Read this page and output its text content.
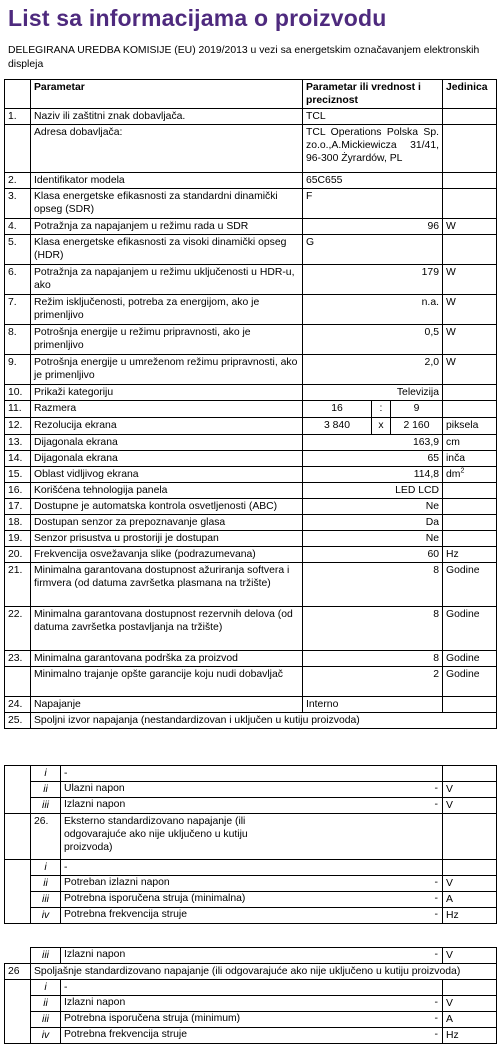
List sa informacijama o proizvodu

DELEGIRANA UREDBA KOMISIJE (EU) 2019/2013 u vezi sa energetskim označavanjem elektronskih displeja

	Parametar	Parametar ili vrednost i preciznost	Jedinica
1.	Naziv ili zaštitni znak dobavljača.	TCL	
	Adresa dobavljača:	TCL Operations Polska Sp. zo.o.,A.Mickiewicza 31/41, 96-300 Żyrardów, PL	
2.	Identifikator modela	65C655	
3.	Klasa energetske efikasnosti za standardni dinamički opseg (SDR)	F	
4.	Potražnja za napajanjem u režimu rada u SDR	96	W
5.	Klasa energetske efikasnosti za visoki dinamički opseg (HDR)	G	
6.	Potražnja za napajanjem u režimu uključenosti u HDR-u, ako	179	W
7.	Režim isključenosti, potreba za energijom, ako je primenljivo	n.a.	W
8.	Potrošnja energije u režimu pripravnosti, ako je primenljivo	0,5	W
9.	Potrošnja energije u umreženom režimu pripravnosti, ako je primenljivo	2,0	W
10.	Prikaži kategoriju	Televizija	
11.	Razmera	16 : 9	

12.	Rezolucija ekrana	3 840 x 2 160	piksela
13.	Dijagonala ekrana	163,9	cm
14.	Dijagonala ekrana	65	inča
15.	Oblast vidljivog ekrana	114,8	$dm^2$
16.	Korišćena tehnologija panela	LED LCD	
17.	Dostupne je automatska kontrola osvetljenosti (ABC)	Ne	
18.	Dostupan senzor za prepoznavanje glasa	Da	
19.	Senzor prisustva u prostoriji je dostupan	Ne	
20.	Frekvencija osvežavanja slike (podrazumevana)	60	Hz
21.	Minimalna garantovana dostupnost ažuriranja softvera i firmvera (od datuma završetka plasmana na tržište)	8	Godine
22.	Minimalna garantovana dostupnost rezervnih delova (od datuma završetka postavljanja na tržište)	8	Godine
23.	Minimalna garantovana podrška za proizvod	8	Godine
	Minimalno trajanje opšte garancije koju nudi dobavljač	2	Godine
24.	Napajanje	Interno	
25.	Spoljni izvor napajanja (nestandardizovan i uključen u kutiju proizvoda)		
	i	-	
	ii	Ulazni napon -	V
	iii	Izlazni napon -	V
	26.	Eksterno standardizovano napajanje (ili odgovarajuće ako nije uključeno u kutiju proizvoda)	

	i	-	
	ii	Potreban izlazni napon -	V
	iii	Potrebna isporučena struja (minimalna) -	A
	iv	Potrebna frekvencija struje -	Hz
	iii	Izlazni napon -	V
26	Spoljašnje standardizovano napajanje (ili odgovarajuće ako nije uključeno u kutiju proizvoda)		
	i	-	
	ii	Izlazni napon -	V
	iii	Potrebna isporučena struja (minimum) -	A
	iv	Potrebna frekvencija struje -	Hz
